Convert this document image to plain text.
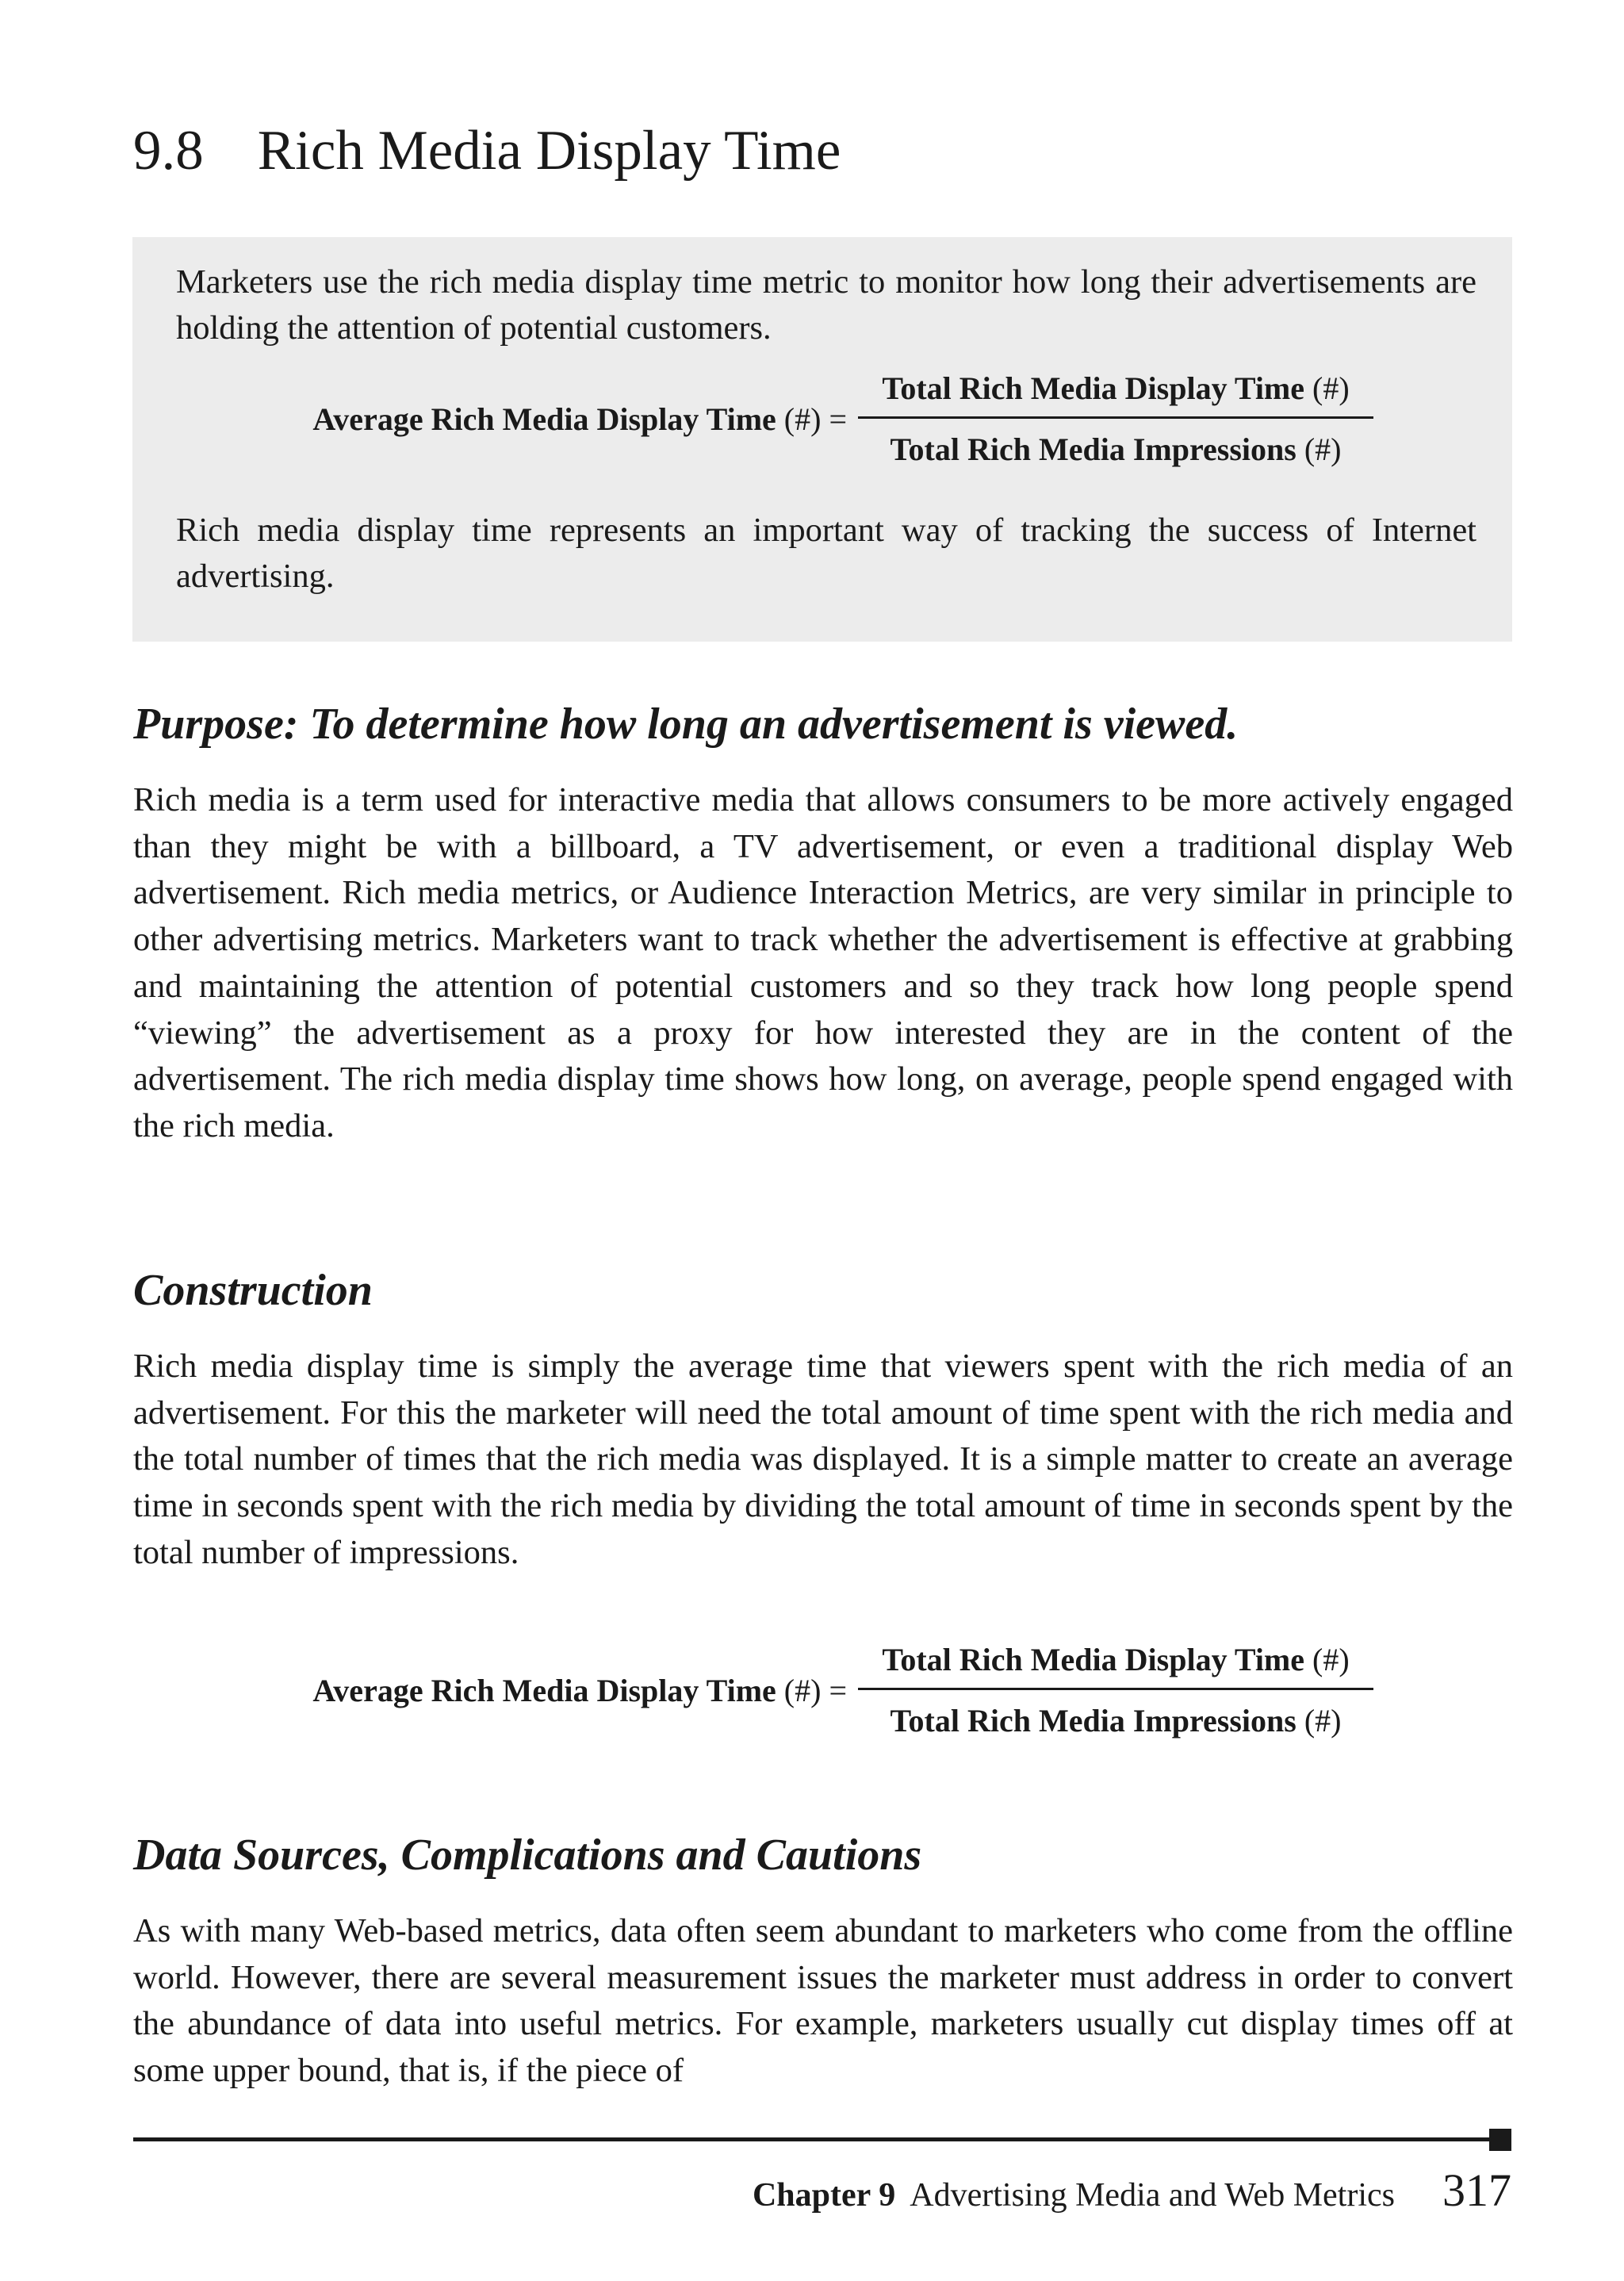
9.8 Rich Media Display Time

Marketers use the rich media display time metric to monitor how long their advertisements are holding the attention of potential customers.

Average Rich Media Display Time (#) =
Total Rich Media Display Time (#)
Total Rich Media Impressions (#)

Rich media display time represents an important way of tracking the success of Internet advertising.

Purpose: To determine how long an advertisement is viewed.

Rich media is a term used for interactive media that allows consumers to be more actively engaged than they might be with a billboard, a TV advertisement, or even a traditional display Web advertisement. Rich media metrics, or Audience Interaction Metrics, are very similar in principle to other advertising metrics. Marketers want to track whether the advertisement is effective at grabbing and maintaining the attention of potential customers and so they track how long people spend “viewing” the advertisement as a proxy for how interested they are in the content of the advertisement. The rich media display time shows how long, on average, people spend engaged with the rich media.

Construction

Rich media display time is simply the average time that viewers spent with the rich media of an advertisement. For this the marketer will need the total amount of time spent with the rich media and the total number of times that the rich media was displayed. It is a simple matter to create an average time in seconds spent with the rich media by dividing the total amount of time in seconds spent by the total number of impressions.

Average Rich Media Display Time (#) =
Total Rich Media Display Time (#)
Total Rich Media Impressions (#)
Data Sources, Complications and Cautions

As with many Web-based metrics, data often seem abundant to marketers who come from the offline world. However, there are several measurement issues the marketer must address in order to convert the abundance of data into useful metrics. For example, marketers usually cut display times off at some upper bound, that is, if the piece of

Chapter 9 Advertising Media and Web Metrics 317
